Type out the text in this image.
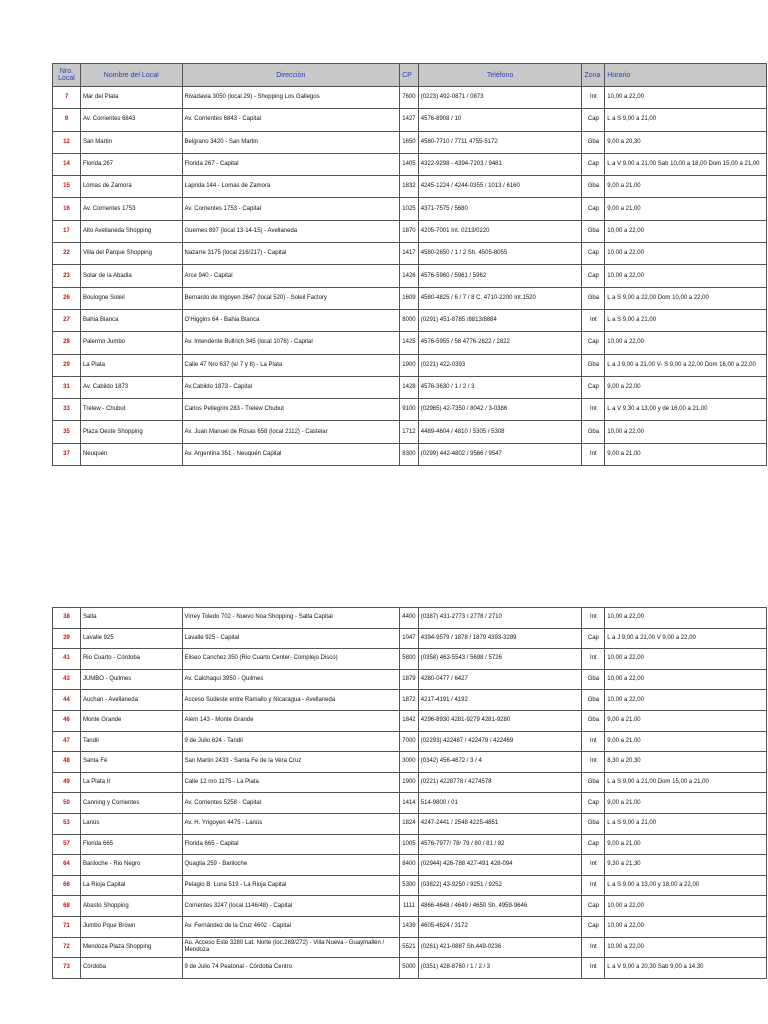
Nro. Local	Nombre del Local	Dirección	CP	Teléfono	Zona	Horario
7	Mar del Plata	Rivadavia 3050 (local 29) - Shopping Los Gallegos	7600	(0223) 492-0871 / 0873	Int	10,00 a 22,00
9	Av. Corrientes 6843	Av. Corrientes 6843 - Capital	1427	4576-8908 / 10	Cap	L a S 9,00 a 21,00
12	San Martin	Belgrano 3420 - San Martin	1650	4580-7710 / 7711 4755-5172	Gba	9,00 a 20,30
14	Florida 267	Florida 267 - Capital	1405	4322-9298 - 4394-7203 / 9481	Cap	L a V 9,00 a 21,00 Sab 10,00 a 18,00 Dom 15,00 a 21,00
15	Lomas de Zamora	Laprida 144 - Lomas de Zamora	1832	4245-1224 / 4244-0355 / 1013 / 6160	Gba	9,00 a 21,00
16	Av. Corrientes 1753	Av. Corrientes 1753 - Capital	1025	4371-7575 / 5680	Cap	9,00 a 21,00
17	Alto Avellaneda Shopping	Guemes 897 (local 13-14-15) - Avellaneda	1870	4205-7001 Int. 0213/0220	Gba	10,00 a 22,00
22	Villa del Parque Shopping	Nazarre 3175 (local 216/217) - Capital	1417	4580-2650 / 1 / 2 Sh. 4505-8055	Cap	10,00 a 22,00
23	Solar de la Abadia	Arce 940 - Capital	1426	4576-5960 / 5961 / 5962	Cap	10,00 a 22,00
26	Boulogne Soleil	Bernardo de Irigoyen 2647 (local 520) - Soleil Factory	1609	4580-4825 / 6 / 7 / 8 C. 4710-2200 Int.1520	Gba	L a S 9,00 a 22,00 Dom 10,00 a 22,00
27	Bahia Blanca	O'Higgins 64 - Bahia Blanca	8000	(0291) 451-8785 /8813/8884	Int	L a S 9,00 a 21,00
28	Palermo Jumbo	Av. Intendente Bullrich 345 (local 1076) - Capital	1425	4576-5955 / 58 4776-2622 / 2822	Cap	10,00 a 22,00
29	La Plata	Calle 47 Nro 637 (e/ 7 y 8) - La Plata	1900	(0221) 422-0393	Gba	L a J 9,00 a 21,00 V- S 9,00 a 22,00 Dom 16,00 a 22,00
31	Av. Cabildo 1873	Av.Cabildo 1873 - Capital	1428	4576-3630 / 1 / 2 / 3	Cap	9,00 a 22,00
33	Trelew - Chubut	Carlos Pellegrini 283 - Trelew Chubut	9100	(02965) 42-7350 / 8042 / 3-0386	Int	L a V 9,30 a 13,00 y de 16,00 a 21,00
35	Plaza Oeste Shopping	Av. Juan Manuel de Rosas 658 (local 2112) - Castelar	1712	4489-4604 / 4810 / 5305 / 5308	Gba	10,00 a 22,00
37	Neuquén	Av. Argentina 351 - Neuquén Capital	8300	(0299) 442-4802 / 9566 / 9547	Int	9,00 a 21,00
38	Salta	Virrey Toledo 702 - Nuevo Noa Shopping - Salta Capital	4400	(0387) 431-2773 / 2778 / 2710	Int	10,00 a 22,00
39	Lavalle 925	Lavalle 925 - Capital	1047	4394-9579 / 1878 / 1879 4393-3289	Cap	L a J 9,00 a 21,00 V 9,00 a 22,00
41	Rio Cuarto - Córdoba	Eliseo Canchez 350 (Rio Cuarto Center- Complejo Disco)	5800	(0358) 463-5543 / 5698 / 5726	Int	10,00 a 22,00
43	JUMBO - Quilmes	Av. Calchaqui 3950 - Quilmes	1879	4280-0477 / 6427	Gba	10,00 a 22,00
44	Auchan - Avellaneda	Acceso Sudeste entre Ramallo y Nicaragua - Avellaneda	1872	4217-4191 / 4192	Gba	10,00 a 22,00
46	Monte Grande	Alem 143 - Monte Grande	1842	4296-8930 4281-9279 4281-9280	Gba	9,00 a 21,00
47	Tandil	9 de Julio 624 - Tandil	7000	(02293) 422487 / 422479 / 422469	Int	9,00 a 21,00
48	Santa Fé	San Martin 2433 - Santa Fe de la Vera Cruz	3000	(0342) 456-4672 / 3 / 4	Int	8,30 a 20,30
49	La Plata II	Calle 12 nro 1175 - La Plata	1900	(0221) 4228778 / 4274578	Gba	L a S 9,00 a 21,00 Dom 15,00 a 21,00
50	Canning y Corrientes	Av. Corrientes 5258 - Capital	1414	514-9800 / 01	Cap	9,00 a 21,00
53	Lanús	Av. H. Yrigoyen 4475 - Lanús	1824	4247-2441 / 2548 4225-4851	Gba	L a S 9,00 a 21,00
57	Florida 665	Florida 665 - Capital	1005	4576-7977/ 78/ 79 / 80 / 81 / 82	Cap	9,00 a 21,00
64	Bariloche - Rio Negro	Quaglia 259 - Bariloche	8400	(02944) 426-788 427-491 428-094	Int	9,30 a 21,30
66	La Rioja Capital	Pelagio B. Luna 519 - La Rioja Capital	5300	(03822) 43-9250 / 9251 / 9252	Int	L a S 9,00 a 13,00 y 18,00 a 22,00
68	Abasto Shopping	Corrientes 3247 (local 1146/48) - Capital	1111	4866-4648 / 4649 / 4650 Sh. 4959-9646	Cap	10,00 a 22,00
71	Jumbo Pque Brown	Av. Fernández de la Cruz 4602 - Capital	1439	4605-4624 / 3172	Cap	10,00 a 22,00
72	Mendoza Plaza Shopping	Au. Acceso Este 3280 Lat. Norte (loc.269/272) - Villa Nueva - Guaymallén / Mendoza	5521	(0261) 421-0887 Sh.449-0236	Int	10,00 a 22,00
73	Córdoba	9 de Julio 74 Peatonal - Córdoba Centro	5000	(0351) 428-8760 / 1 / 2 / 3	Int	L a V 9,00 a 20,30 Sab 9,00 a 14,30
